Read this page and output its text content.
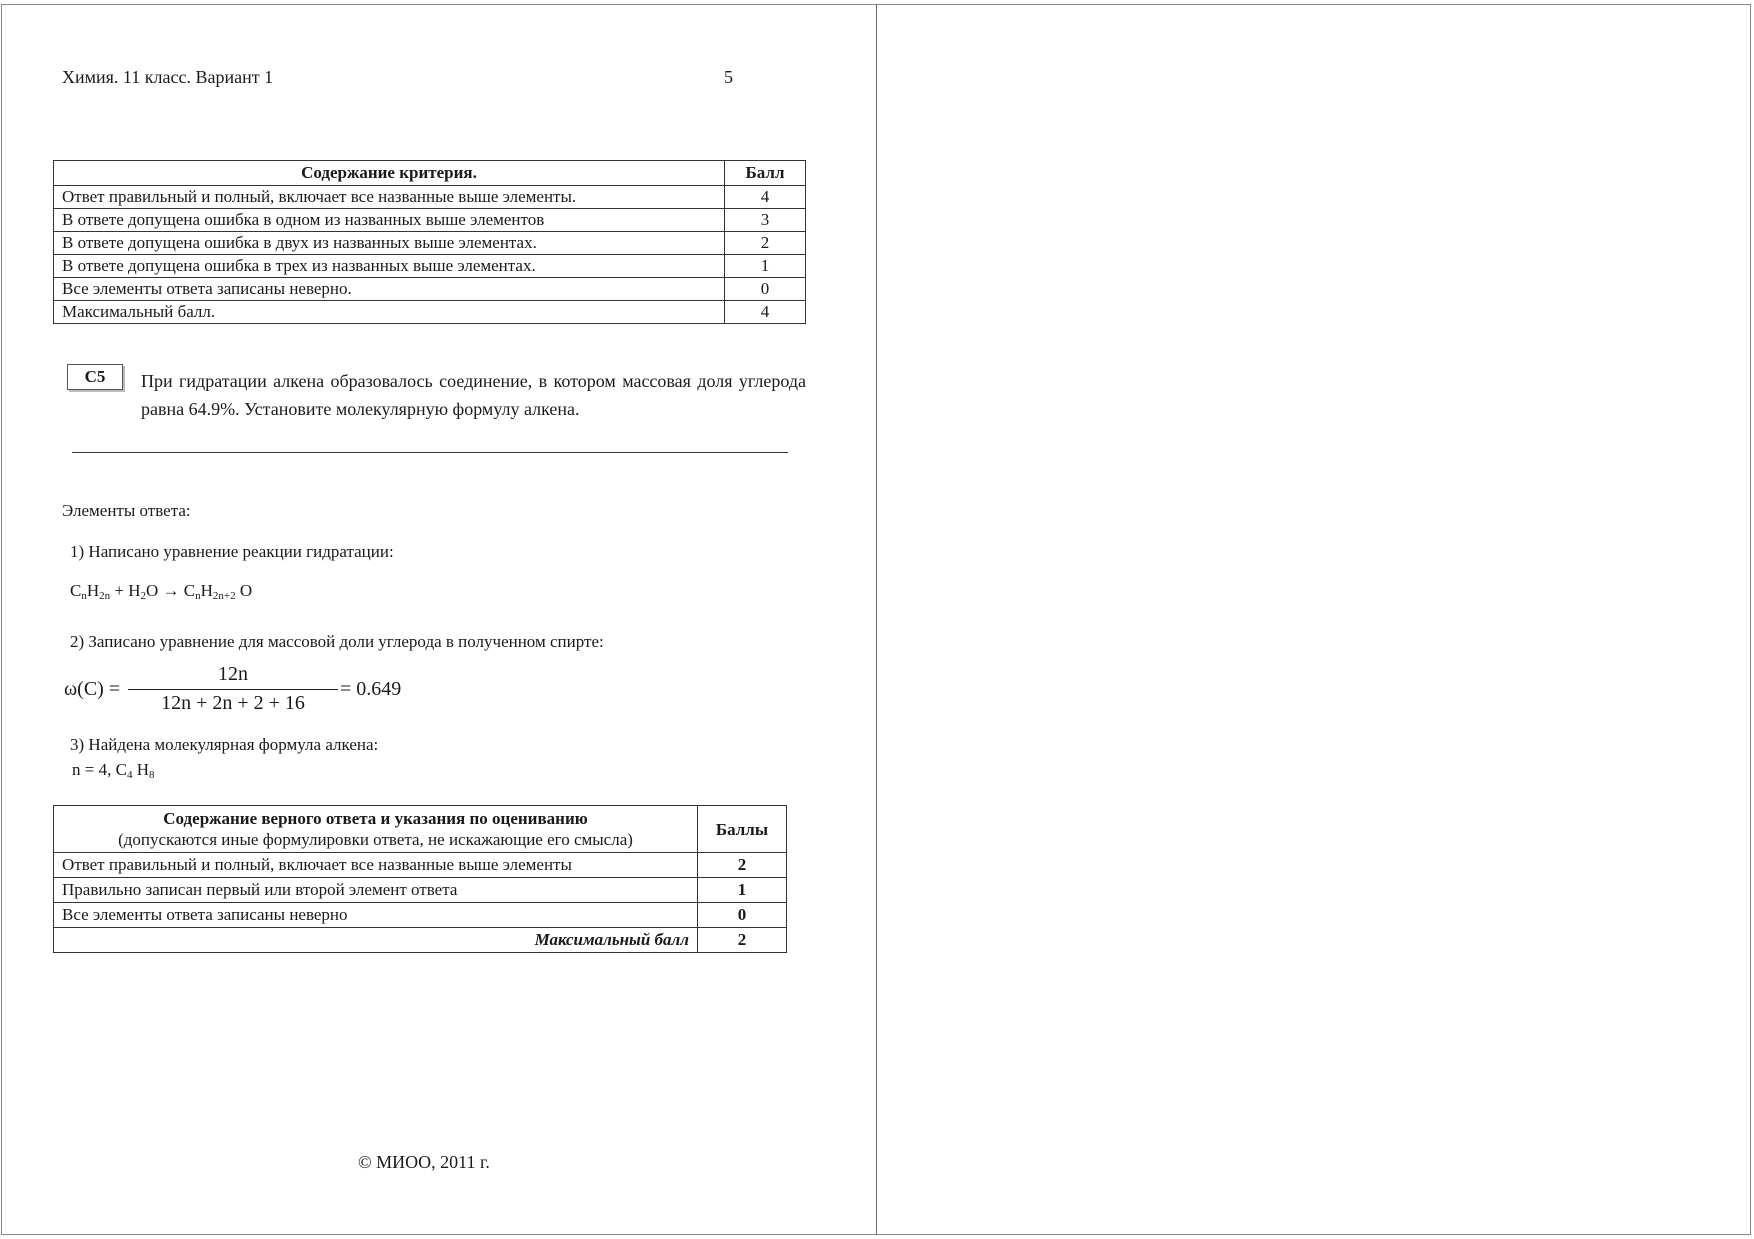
Химия. 11 класс. Вариант 1	5
Содержание критерия.	Балл
Ответ правильный и полный, включает все названные выше элементы.	4
В ответе допущена ошибка в одном из названных выше элементов	3
В ответе допущена ошибка в двух из названных выше элементах.	2
В ответе допущена ошибка в трех из названных выше элементах.	1
Все элементы ответа записаны неверно.	0
Максимальный балл.	4
С5	При гидратации алкена образовалось соединение, в котором массовая доля углерода равна 64.9%. Установите молекулярную формулу алкена.
Элементы ответа:
1) Написано уравнение реакции гидратации:
$C_nH_{2n} + H_2O \to C_nH_{2n+2}$ O
2) Записано уравнение для массовой доли углерода в полученном спирте:
ω(C) =
12n
12n + 2n + 2 + 16
= 0.649
3) Найдена молекулярная формула алкена:
n = 4, $C_4$ $H_8$
Содержание верного ответа и указания по оцениванию
(допускаются иные формулировки ответа, не искажающие его смысла)	Баллы
Ответ правильный и полный, включает все названные выше элементы	2
Правильно записан первый или второй элемент ответа	1
Все элементы ответа записаны неверно	0
Максимальный балл	2
© МИОО, 2011 г.
